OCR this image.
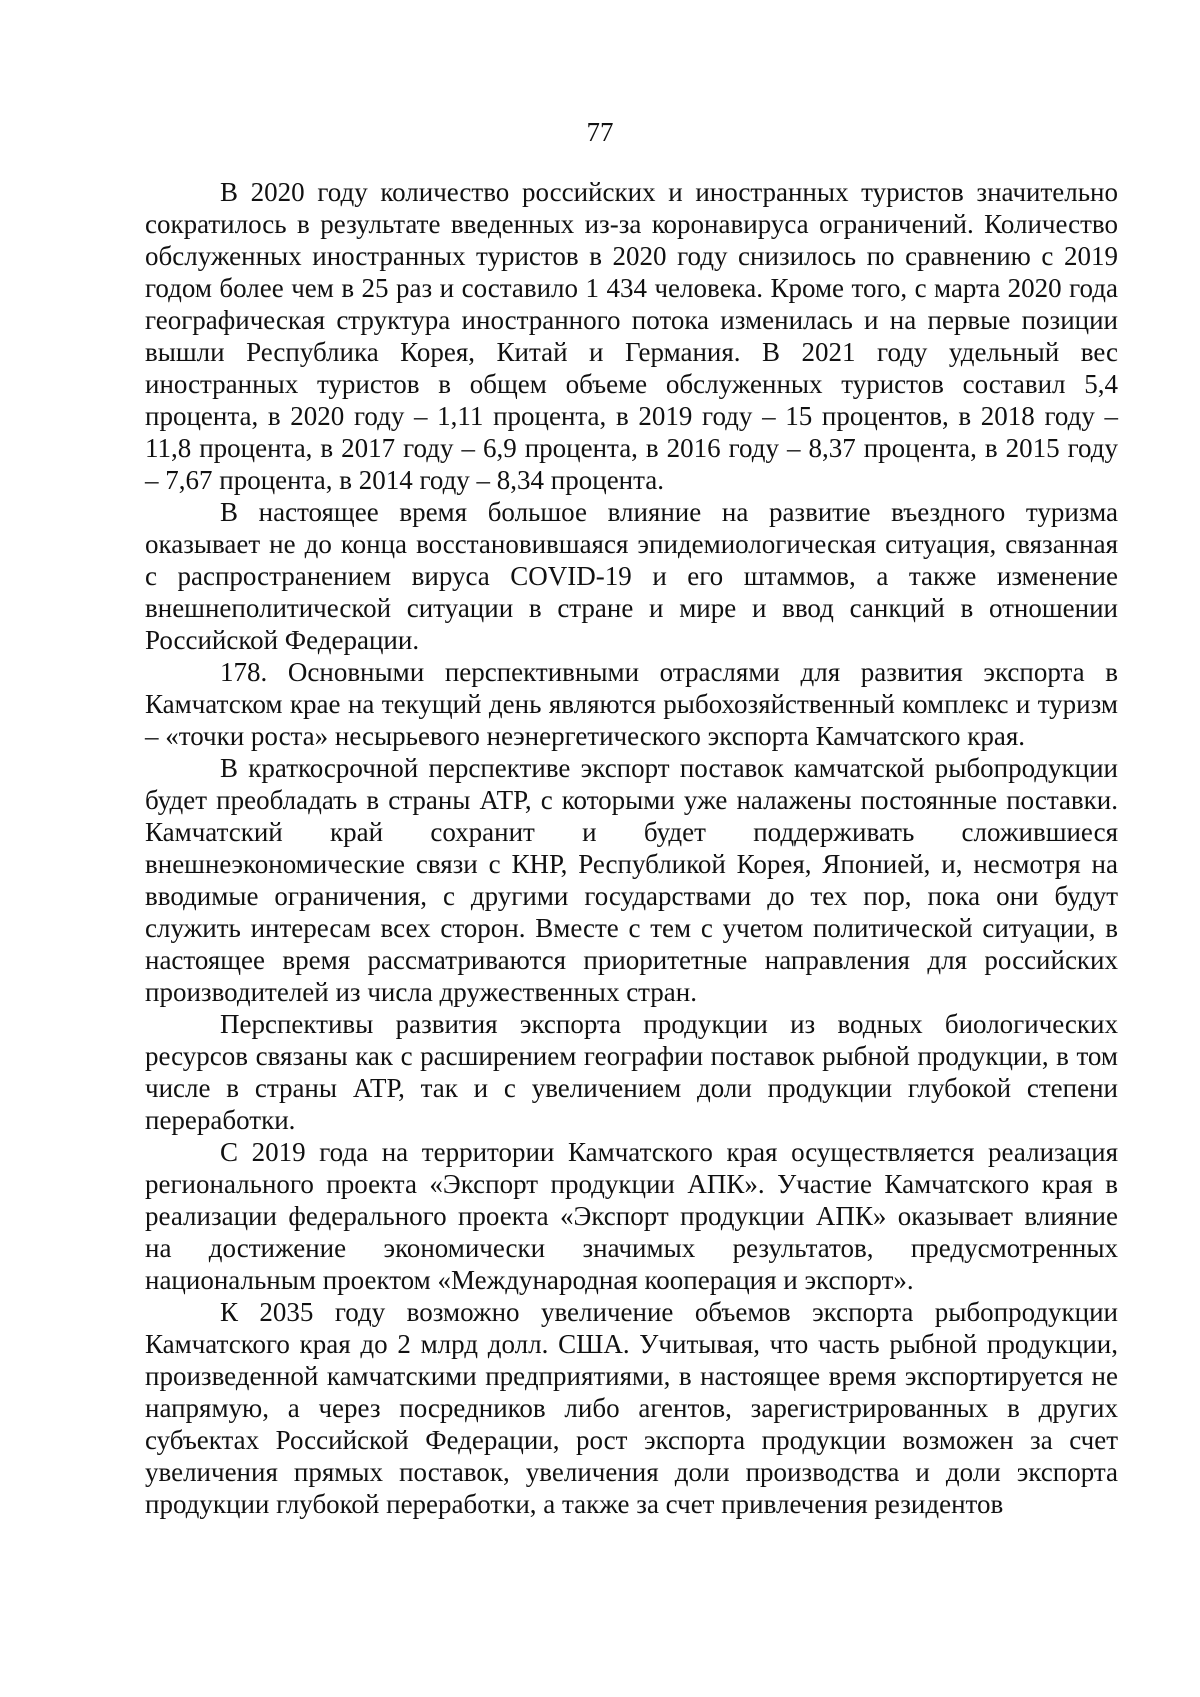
77

В 2020 году количество российских и иностранных туристов значительно сократилось в результате введенных из-за коронавируса ограничений. Количество обслуженных иностранных туристов в 2020 году снизилось по сравнению с 2019 годом более чем в 25 раз и составило 1 434 человека. Кроме того, с марта 2020 года географическая структура иностранного потока изменилась и на первые позиции вышли Республика Корея, Китай и Германия. В 2021 году удельный вес иностранных туристов в общем объеме обслуженных туристов составил 5,4 процента, в 2020 году – 1,11 процента, в 2019 году – 15 процентов, в 2018 году – 11,8 процента, в 2017 году – 6,9 процента, в 2016 году – 8,37 процента, в 2015 году – 7,67 процента, в 2014 году – 8,34 процента.

В настоящее время большое влияние на развитие въездного туризма оказывает не до конца восстановившаяся эпидемиологическая ситуация, связанная с распространением вируса COVID-19 и его штаммов, а также изменение внешнеполитической ситуации в стране и мире и ввод санкций в отношении Российской Федерации.

178. Основными перспективными отраслями для развития экспорта в Камчатском крае на текущий день являются рыбохозяйственный комплекс и туризм – «точки роста» несырьевого неэнергетического экспорта Камчатского края.

В краткосрочной перспективе экспорт поставок камчатской рыбопродукции будет преобладать в страны АТР, с которыми уже налажены постоянные поставки. Камчатский край сохранит и будет поддерживать сложившиеся внешнеэкономические связи с КНР, Республикой Корея, Японией, и, несмотря на вводимые ограничения, с другими государствами до тех пор, пока они будут служить интересам всех сторон. Вместе с тем с учетом политической ситуации, в настоящее время рассматриваются приоритетные направления для российских производителей из числа дружественных стран.

Перспективы развития экспорта продукции из водных биологических ресурсов связаны как с расширением географии поставок рыбной продукции, в том числе в страны АТР, так и с увеличением доли продукции глубокой степени переработки.

С 2019 года на территории Камчатского края осуществляется реализация регионального проекта «Экспорт продукции АПК». Участие Камчатского края в реализации федерального проекта «Экспорт продукции АПК» оказывает влияние на достижение экономически значимых результатов, предусмотренных национальным проектом «Международная кооперация и экспорт».

К 2035 году возможно увеличение объемов экспорта рыбопродукции Камчатского края до 2 млрд долл. США. Учитывая, что часть рыбной продукции, произведенной камчатскими предприятиями, в настоящее время экспортируется не напрямую, а через посредников либо агентов, зарегистрированных в других субъектах Российской Федерации, рост экспорта продукции возможен за счет увеличения прямых поставок, увеличения доли производства и доли экспорта продукции глубокой переработки, а также за счет привлечения резидентов
